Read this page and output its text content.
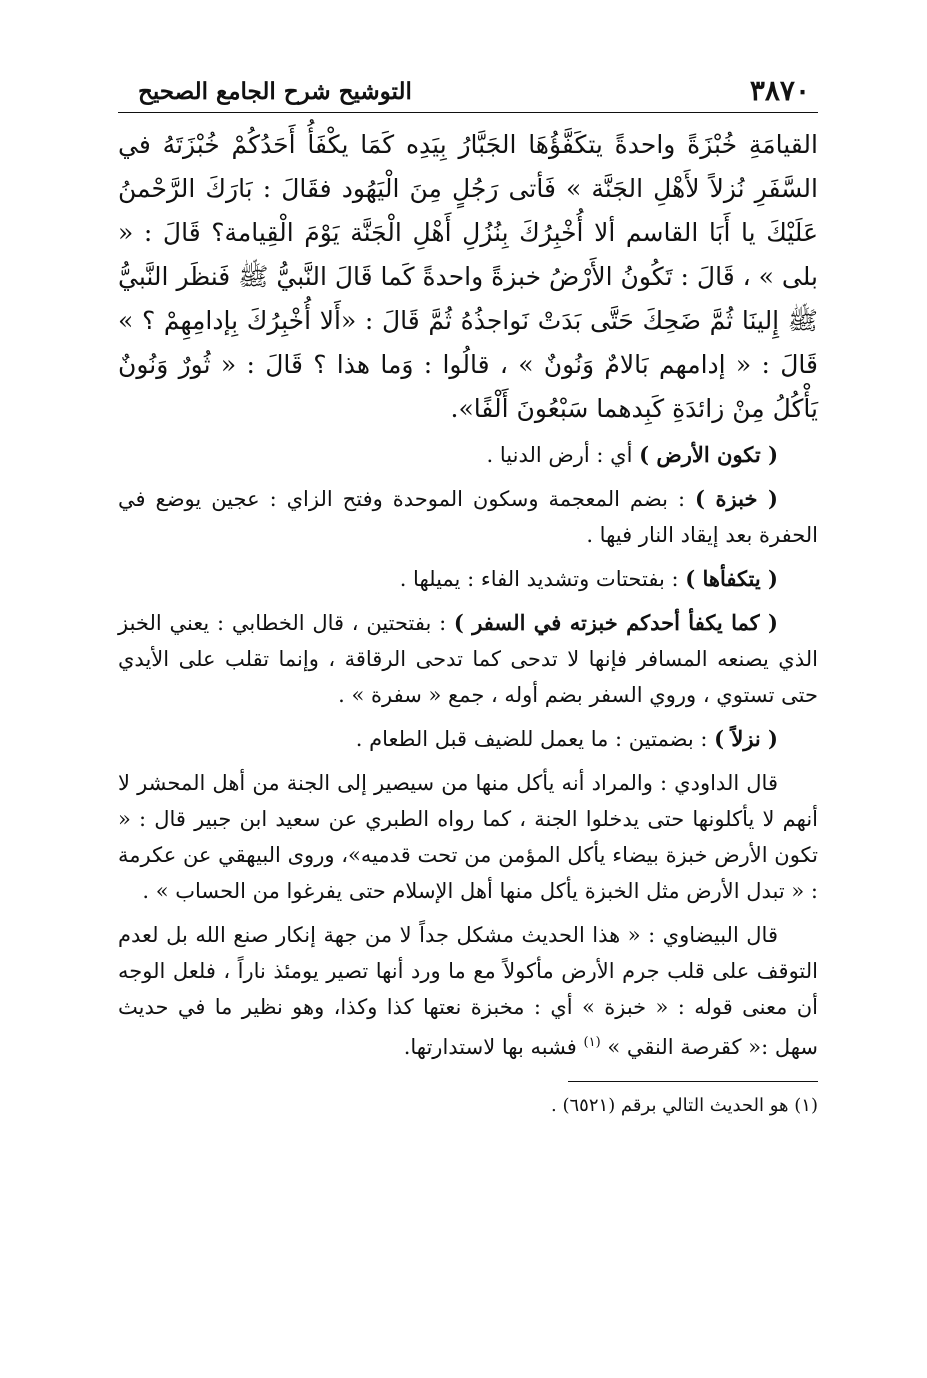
٣٨٧٠
التوشيح شرح الجامع الصحيح

القيامَةِ خُبْزَةً واحدةً يتكَفَّؤُهَا الجَبَّارُ بِيَدِه كَمَا يكْفَأُ أَحَدُكُمْ خُبْزَتَهُ في السَّفَرِ نُزلاً لأَهْلِ الجَنَّة » فَأتى رَجُلٍ مِنَ الْيَهُود فقَالَ : بَارَكَ الرَّحْمنُ عَلَيْكَ يا أَبَا القاسم ألا أُخْبِرُكَ بِنُزُلِ أَهْلِ الْجَنَّة يَوْمَ الْقِيامة؟ قَالَ : « بلى » ، قَالَ : تَكُونُ الأَرْضُ خبزةً واحدةً كَما قَالَ النَّبيُّ ﷺ فَنظَر النَّبيُّ ﷺ إِلينَا ثُمَّ ضَحِكَ حَتَّى بَدَتْ نَواجذُهُ ثُمَّ قَالَ : «أَلا أُخْبِرُكَ بِإدامِهِمْ ؟ » قَالَ : « إدامهم بَالامٌ وَنُونٌ » ، قالُوا : وَما هذا ؟ قَالَ : « ثُورٌ وَنُونٌ يَأْكُلُ مِنْ زائدَةِ كَبِدهما سَبْعُونَ أَلْفًا».

( تكون الأرض ) أي : أرض الدنيا .

( خبزة ) : بضم المعجمة وسكون الموحدة وفتح الزاي : عجين يوضع في الحفرة بعد إيقاد النار فيها .

( يتكفأها ) : بفتحتات وتشديد الفاء : يميلها .

( كما يكفأ أحدكم خبزته في السفر ) : بفتحتين ، قال الخطابي : يعني الخبز الذي يصنعه المسافر فإنها لا تدحى كما تدحى الرقاقة ، وإنما تقلب على الأيدي حتى تستوي ، وروي السفر بضم أوله ، جمع « سفرة » .

( نزلاً ) : بضمتين : ما يعمل للضيف قبل الطعام .

قال الداودي : والمراد أنه يأكل منها من سيصير إلى الجنة من أهل المحشر لا أنهم لا يأكلونها حتى يدخلوا الجنة ، كما رواه الطبري عن سعيد ابن جبير قال : « تكون الأرض خبزة بيضاء يأكل المؤمن من تحت قدميه»، وروى البيهقي عن عكرمة : « تبدل الأرض مثل الخبزة يأكل منها أهل الإسلام حتى يفرغوا من الحساب » .

قال البيضاوي : « هذا الحديث مشكل جداً لا من جهة إنكار صنع الله بل لعدم التوقف على قلب جرم الأرض مأكولاً مع ما ورد أنها تصير يومئذ ناراً ، فلعل الوجه أن معنى قوله : « خبزة » أي : مخبزة نعتها كذا وكذا، وهو نظير ما في حديث سهل :« كقرصة النقي » $^{(١)}$ فشبه بها لاستدارتها.

(١) هو الحديث التالي برقم (٦٥٢١) .
